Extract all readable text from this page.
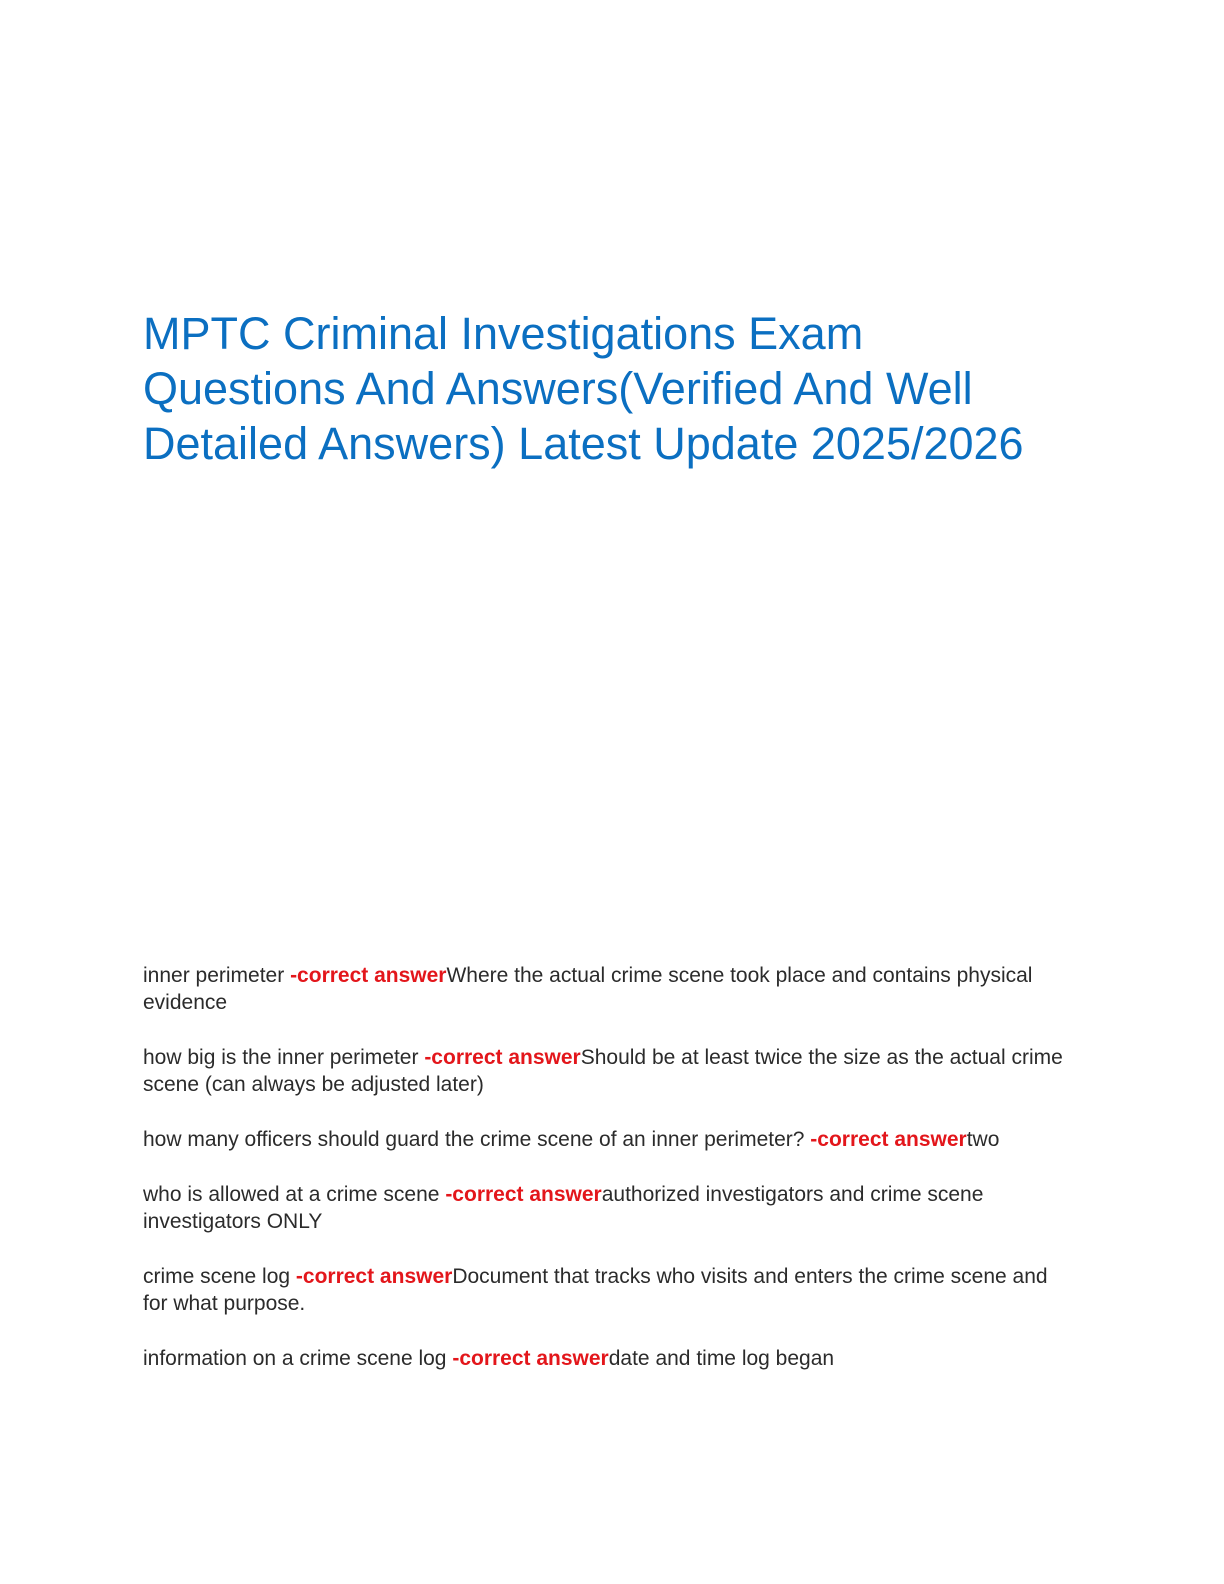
MPTC Criminal Investigations Exam Questions And Answers(Verified And Well Detailed Answers) Latest Update 2025/2026

inner perimeter -correct answerWhere the actual crime scene took place and contains physical evidence

how big is the inner perimeter -correct answerShould be at least twice the size as the actual crime scene (can always be adjusted later)

how many officers should guard the crime scene of an inner perimeter? -correct answertwo

who is allowed at a crime scene -correct answerauthorized investigators and crime scene investigators ONLY

crime scene log -correct answerDocument that tracks who visits and enters the crime scene and for what purpose.

information on a crime scene log -correct answerdate and time log began
